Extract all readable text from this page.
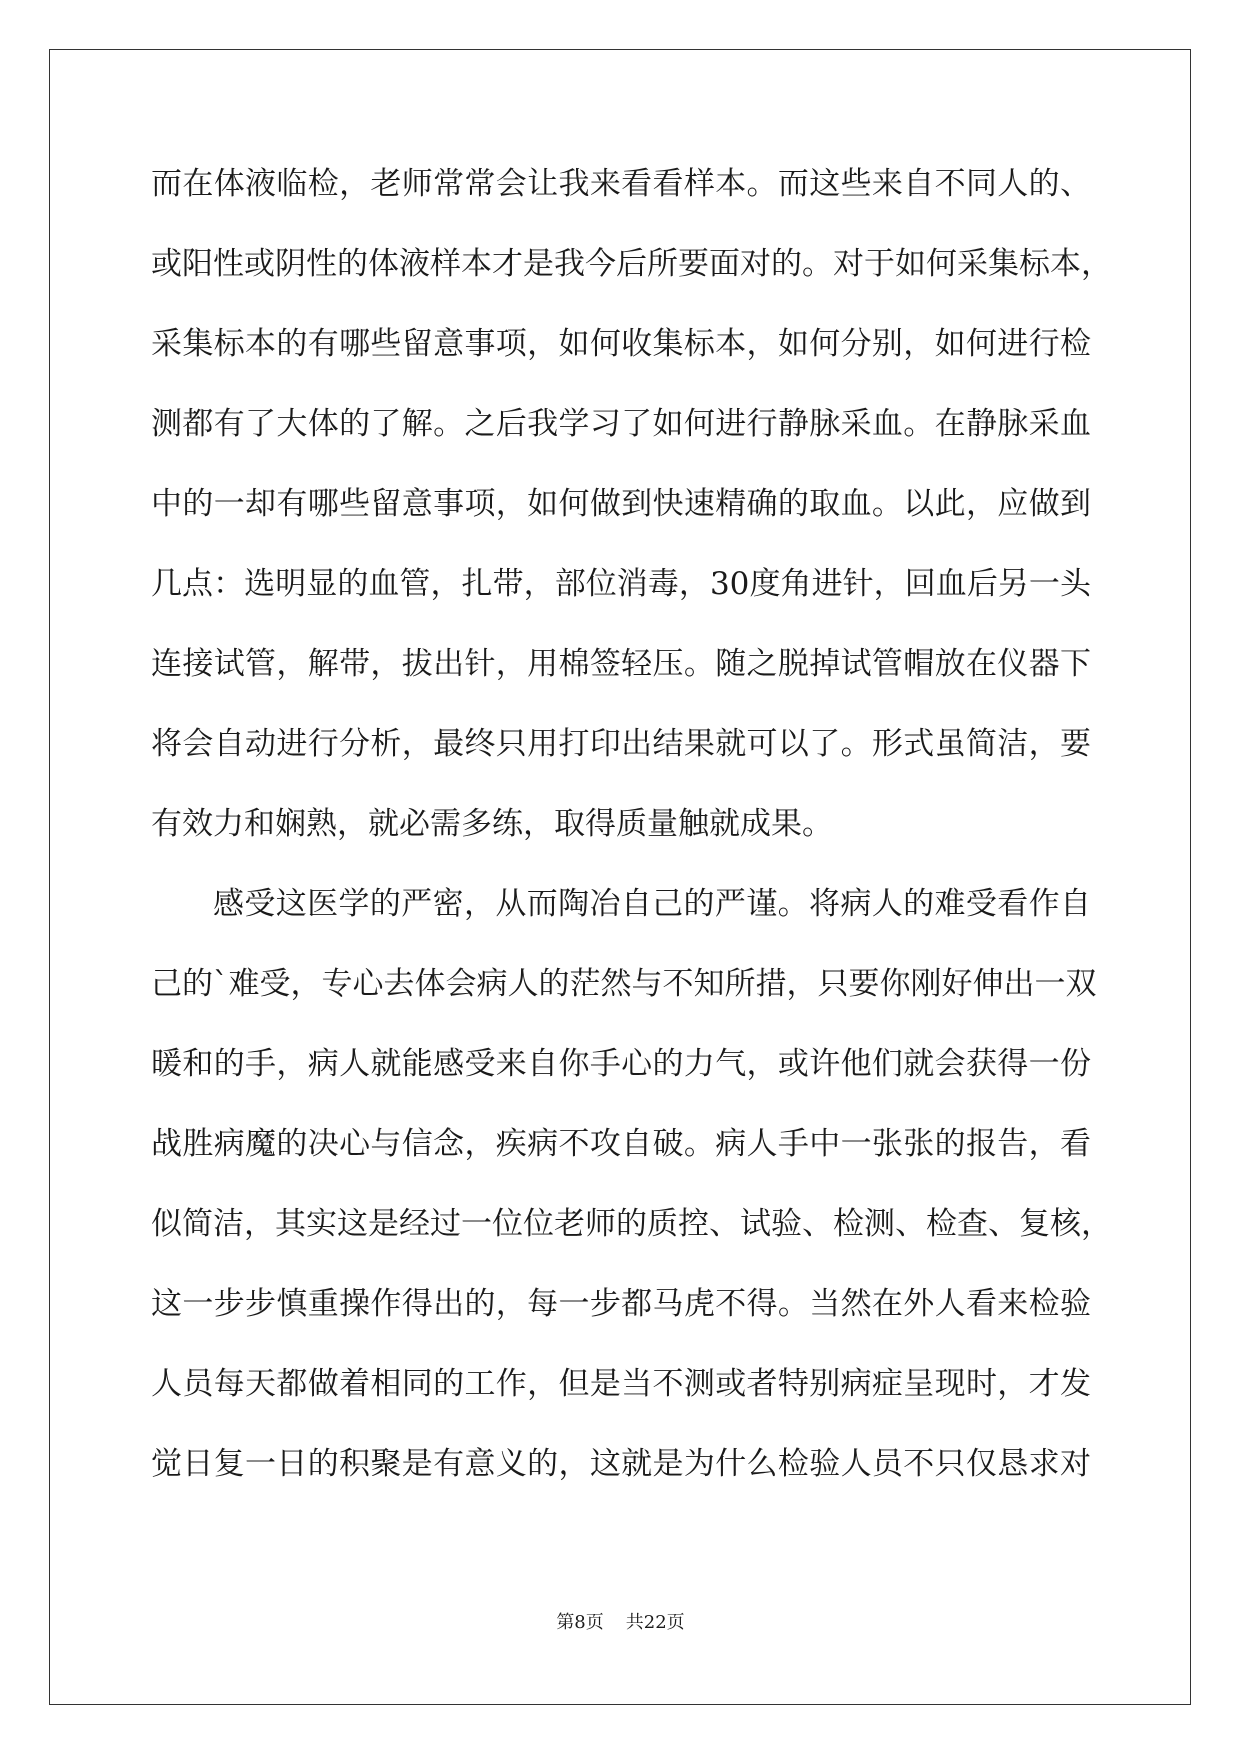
而在体液临检，老师常常会让我来看看样本。而这些来自不同人的、
或阳性或阴性的体液样本才是我今后所要面对的。对于如何采集标本，
采集标本的有哪些留意事项，如何收集标本，如何分别，如何进行检
测都有了大体的了解。之后我学习了如何进行静脉采血。在静脉采血
中的一却有哪些留意事项，如何做到快速精确的取血。以此，应做到
几点：选明显的血管，扎带，部位消毒，30度角进针，回血后另一头
连接试管，解带，拔出针，用棉签轻压。随之脱掉试管帽放在仪器下
将会自动进行分析，最终只用打印出结果就可以了。形式虽简洁，要
有效力和娴熟，就必需多练，取得质量触就成果。
感受这医学的严密，从而陶冶自己的严谨。将病人的难受看作自
己的`难受，专心去体会病人的茫然与不知所措，只要你刚好伸出一双
暖和的手，病人就能感受来自你手心的力气，或许他们就会获得一份
战胜病魔的决心与信念，疾病不攻自破。病人手中一张张的报告，看
似简洁，其实这是经过一位位老师的质控、试验、检测、检查、复核，
这一步步慎重操作得出的，每一步都马虎不得。当然在外人看来检验
人员每天都做着相同的工作，但是当不测或者特别病症呈现时，才发
觉日复一日的积聚是有意义的，这就是为什么检验人员不只仅恳求对
第8页 共22页
